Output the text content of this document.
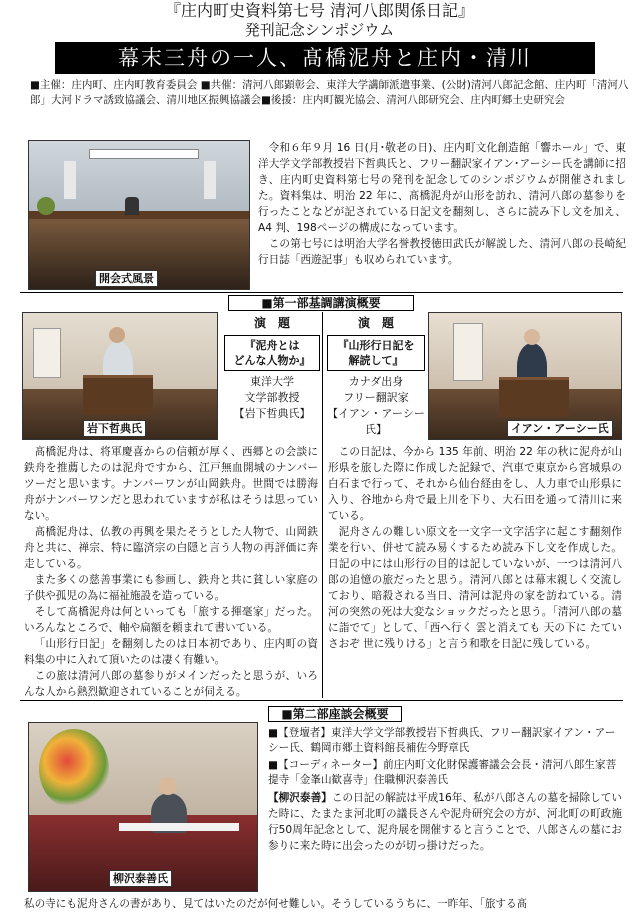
『庄内町史資料第七号 清河八郎関係日記』
発刊記念シンポジウム
幕末三舟の一人、髙橋泥舟と庄内・清川
■主催：庄内町、庄内町教育委員会 ■共催：清河八郎顕彰会、東洋大学講師派遣事業、(公財)清河八郎記念館、庄内町「清河八郎」大河ドラマ誘致協議会、清川地区振興協議会■後援：庄内町観光協会、清河八郎研究会、庄内町郷土史研究会
開会式風景

令和６年９月 16 日(月･敬老の日)、庄内町文化創造館「響ホール」で、東洋大学文学部教授岩下哲典氏と、フリー翻訳家イアン･アーシー氏を講師に招き、庄内町史資料第七号の発刊を記念してのシンポジウムが開催されました。資料集は、明治 22 年に、髙橋泥舟が山形を訪れ、清河八郎の墓参りを行ったことなどが記されている日記文を翻刻し、さらに読み下し文を加え、A4 判、198ページの構成になっています。

この第七号には明治大学名誉教授徳田武氏が解説した、清河八郎の長崎紀行日誌「西遊記事」も収められています。

■第一部基調講演概要
岩下哲典氏
演　題
『泥舟とは
どんな人物か』
東洋大学
文学部教授
【岩下哲典氏】
演　題
『山形行日記を
解読して』
カナダ出身
フリー翻訳家
【イアン・アーシー氏】	イアン・アーシー氏

髙橋泥舟は、将軍慶喜からの信頼が厚く、西郷との会談に鉄舟を推薦したのは泥舟ですから、江戸無血開城のナンバーツーだと思います。ナンバーワンが山岡鉄舟。世間では勝海舟がナンバーワンだと思われていますが私はそうは思っていない。

髙橋泥舟は、仏教の再興を果たそうとした人物で、山岡鉄舟と共に、禅宗、特に臨済宗の白隠と言う人物の再評価に奔走している。

また多くの慈善事業にも参画し、鉄舟と共に貧しい家庭の子供や孤児の為に福祉施設を造っている。

そして髙橋泥舟は何といっても「旅する揮毫家」だった。いろんなところで、軸や扁額を頼まれて書いている。

「山形行日記」を翻刻したのは日本初であり、庄内町の資料集の中に入れて頂いたのは凄く有難い。

この旅は清河八郎の墓参りがメインだったと思うが、いろんな人から熱烈歓迎されていることが伺える。

この日記は、今から 135 年前、明治 22 年の秋に泥舟が山形県を旅した際に作成した記録で、汽車で東京から宮城県の白石まで行って、それから仙台経由をし、人力車で山形県に入り、谷地から舟で最上川を下り、大石田を通って清川に来ている。

泥舟さんの難しい原文を一文字一文字活字に起こす翻刻作業を行い、併せて読み易くするため読み下し文を作成した。日記の中には山形行の目的は記していないが、一つは清河八郎の追憶の旅だったと思う。清河八郎とは幕末親しく交流しており、暗殺される当日、清河は泥舟の家を訪ねている。清河の突然の死は大変なショックだったと思う。「清河八郎の墓に詣でて」として、「西へ行く 雲と消えても 天の下に たていさおぞ 世に残りける」と言う和歌を日記に残している。

柳沢泰善氏
■第二部座談会概要
■【登壇者】東洋大学文学部教授岩下哲典氏、フリー翻訳家イアン・アーシー氏、鶴岡市郷土資料館長補佐今野章氏
■【コーディネーター】前庄内町文化財保護審議会会長・清河八郎生家菩提寺「金峯山歓喜寺」住職柳沢泰善氏
【柳沢泰善】この日記の解読は平成16年、私が八郎さんの墓を掃除していた時に、たまたま河北町の議長さんや泥舟研究会の方が、河北町の町政施行50周年記念として、泥舟展を開催すると言うことで、八郎さんの墓にお参りに来た時に出会ったのが切っ掛けだった。
私の寺にも泥舟さんの書があり、見てはいたのだが何せ難しい。そうしているうちに、一昨年、「旅する髙
